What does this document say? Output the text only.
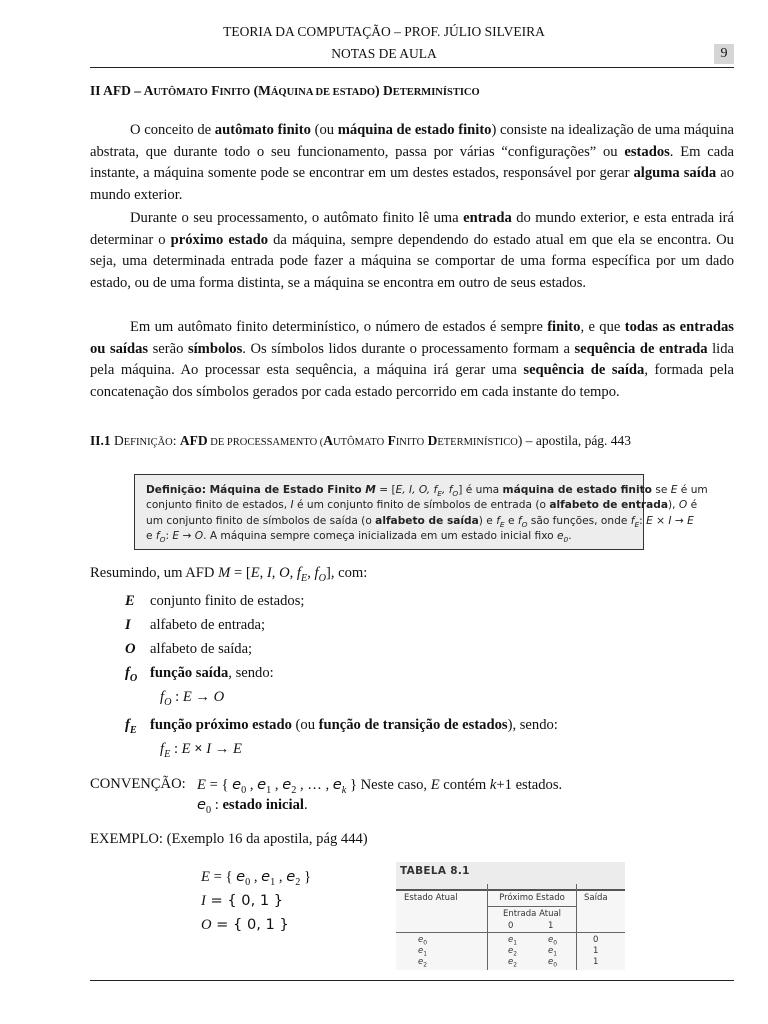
TEORIA DA COMPUTAÇÃO – PROF. JÚLIO SILVEIRA
NOTAS DE AULA	9
II AFD – AUTÔMATO FINITO (MÁQUINA DE ESTADO) DETERMINÍSTICO

O conceito de autômato finito (ou máquina de estado finito) consiste na idealização de uma máquina abstrata, que durante todo o seu funcionamento, passa por várias “configurações” ou estados. Em cada instante, a máquina somente pode se encontrar em um destes estados, responsável por gerar alguma saída ao mundo exterior.

Durante o seu processamento, o autômato finito lê uma entrada do mundo exterior, e esta entrada irá determinar o próximo estado da máquina, sempre dependendo do estado atual em que ela se encontra. Ou seja, uma determinada entrada pode fazer a máquina se comportar de uma forma específica por um dado estado, ou de uma forma distinta, se a máquina se encontra em outro de seus estados.

Em um autômato finito determinístico, o número de estados é sempre finito, e que todas as entradas ou saídas serão símbolos. Os símbolos lidos durante o processamento formam a sequência de entrada lida pela máquina. Ao processar esta sequência, a máquina irá gerar uma sequência de saída, formada pela concatenação dos símbolos gerados por cada estado percorrido em cada instante do tempo.

II.1 DEFINIÇÃO: AFD DE PROCESSAMENTO (AUTÔMATO FINITO DETERMINÍSTICO) – apostila, pág. 443
Definição: Máquina de Estado Finito M = [E, I, O, $f_E$, $f_O$] é uma máquina de estado finito se E é um
conjunto finito de estados, I é um conjunto finito de símbolos de entrada (o alfabeto de entrada), O é
um conjunto finito de símbolos de saída (o alfabeto de saída) e $f_E$ e $f_O$ são funções, onde $f_E$: E × I → E
e $f_O$: E → O. A máquina sempre começa inicializada em um estado inicial fixo $e_0$.
Resumindo, um AFD M = [E, I, O, $f_E$, $f_O$], com:
E conjunto finito de estados;
I alfabeto de entrada;
O alfabeto de saída;
$f_O$ função saída, sendo:
$f_O$ : E → O
$f_E$ função próximo estado (ou função de transição de estados), sendo:
$f_E$ : E × I → E
CONVENÇÃO: E = { $e_0$ , $e_1$ , $e_2$ , … , $e_k$ } Neste caso, E contém k+1 estados.
$e_0$ : estado inicial.
EXEMPLO: (Exemplo 16 da apostila, pág 444)
E = { $e_0$ , $e_1$ , $e_2$ }
I = { 0, 1 }
O = { 0, 1 }
TABELA 8.1
Estado Atual	Próximo Estado	Saída
Entrada Atual
0	1
$e_0$	$e_1$	$e_0$	0
$e_1$	$e_2$	$e_1$	1
$e_2$	$e_2$	$e_0$	1
